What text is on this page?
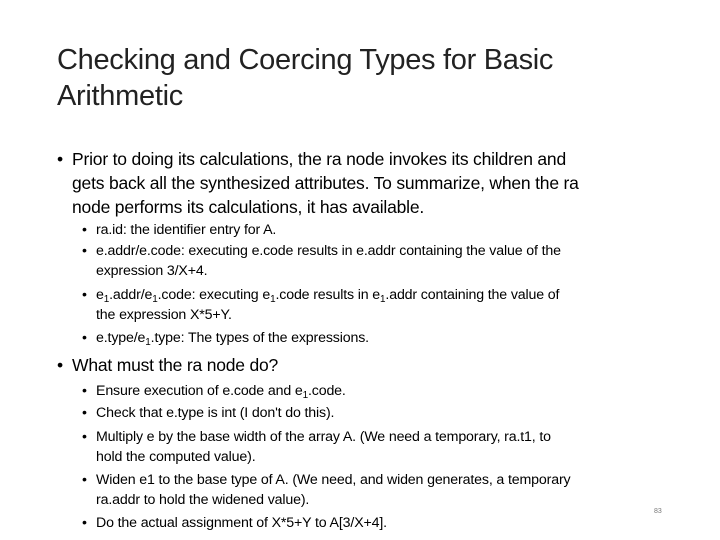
Checking and Coercing Types for Basic
Arithmetic
• Prior to doing its calculations, the ra node invokes its children and
gets back all the synthesized attributes. To summarize, when the ra
node performs its calculations, it has available.
• ra.id: the identifier entry for A.
• e.addr/e.code: executing e.code results in e.addr containing the value of the
expression 3/X+4.
• $e_1.addr/e_1.code$: executing $e_1.code$ results in $e_1.addr$ containing the value of
the expression X*5+Y.
• $e.type/e_1.type$: The types of the expressions.
• What must the ra node do?
• Ensure execution of e.code and $e_1.code$.
• Check that e.type is int (I don't do this).
• Multiply e by the base width of the array A. (We need a temporary, ra.t1, to
hold the computed value).
• Widen e1 to the base type of A. (We need, and widen generates, a temporary
ra.addr to hold the widened value).
• Do the actual assignment of X*5+Y to A[3/X+4].
83
